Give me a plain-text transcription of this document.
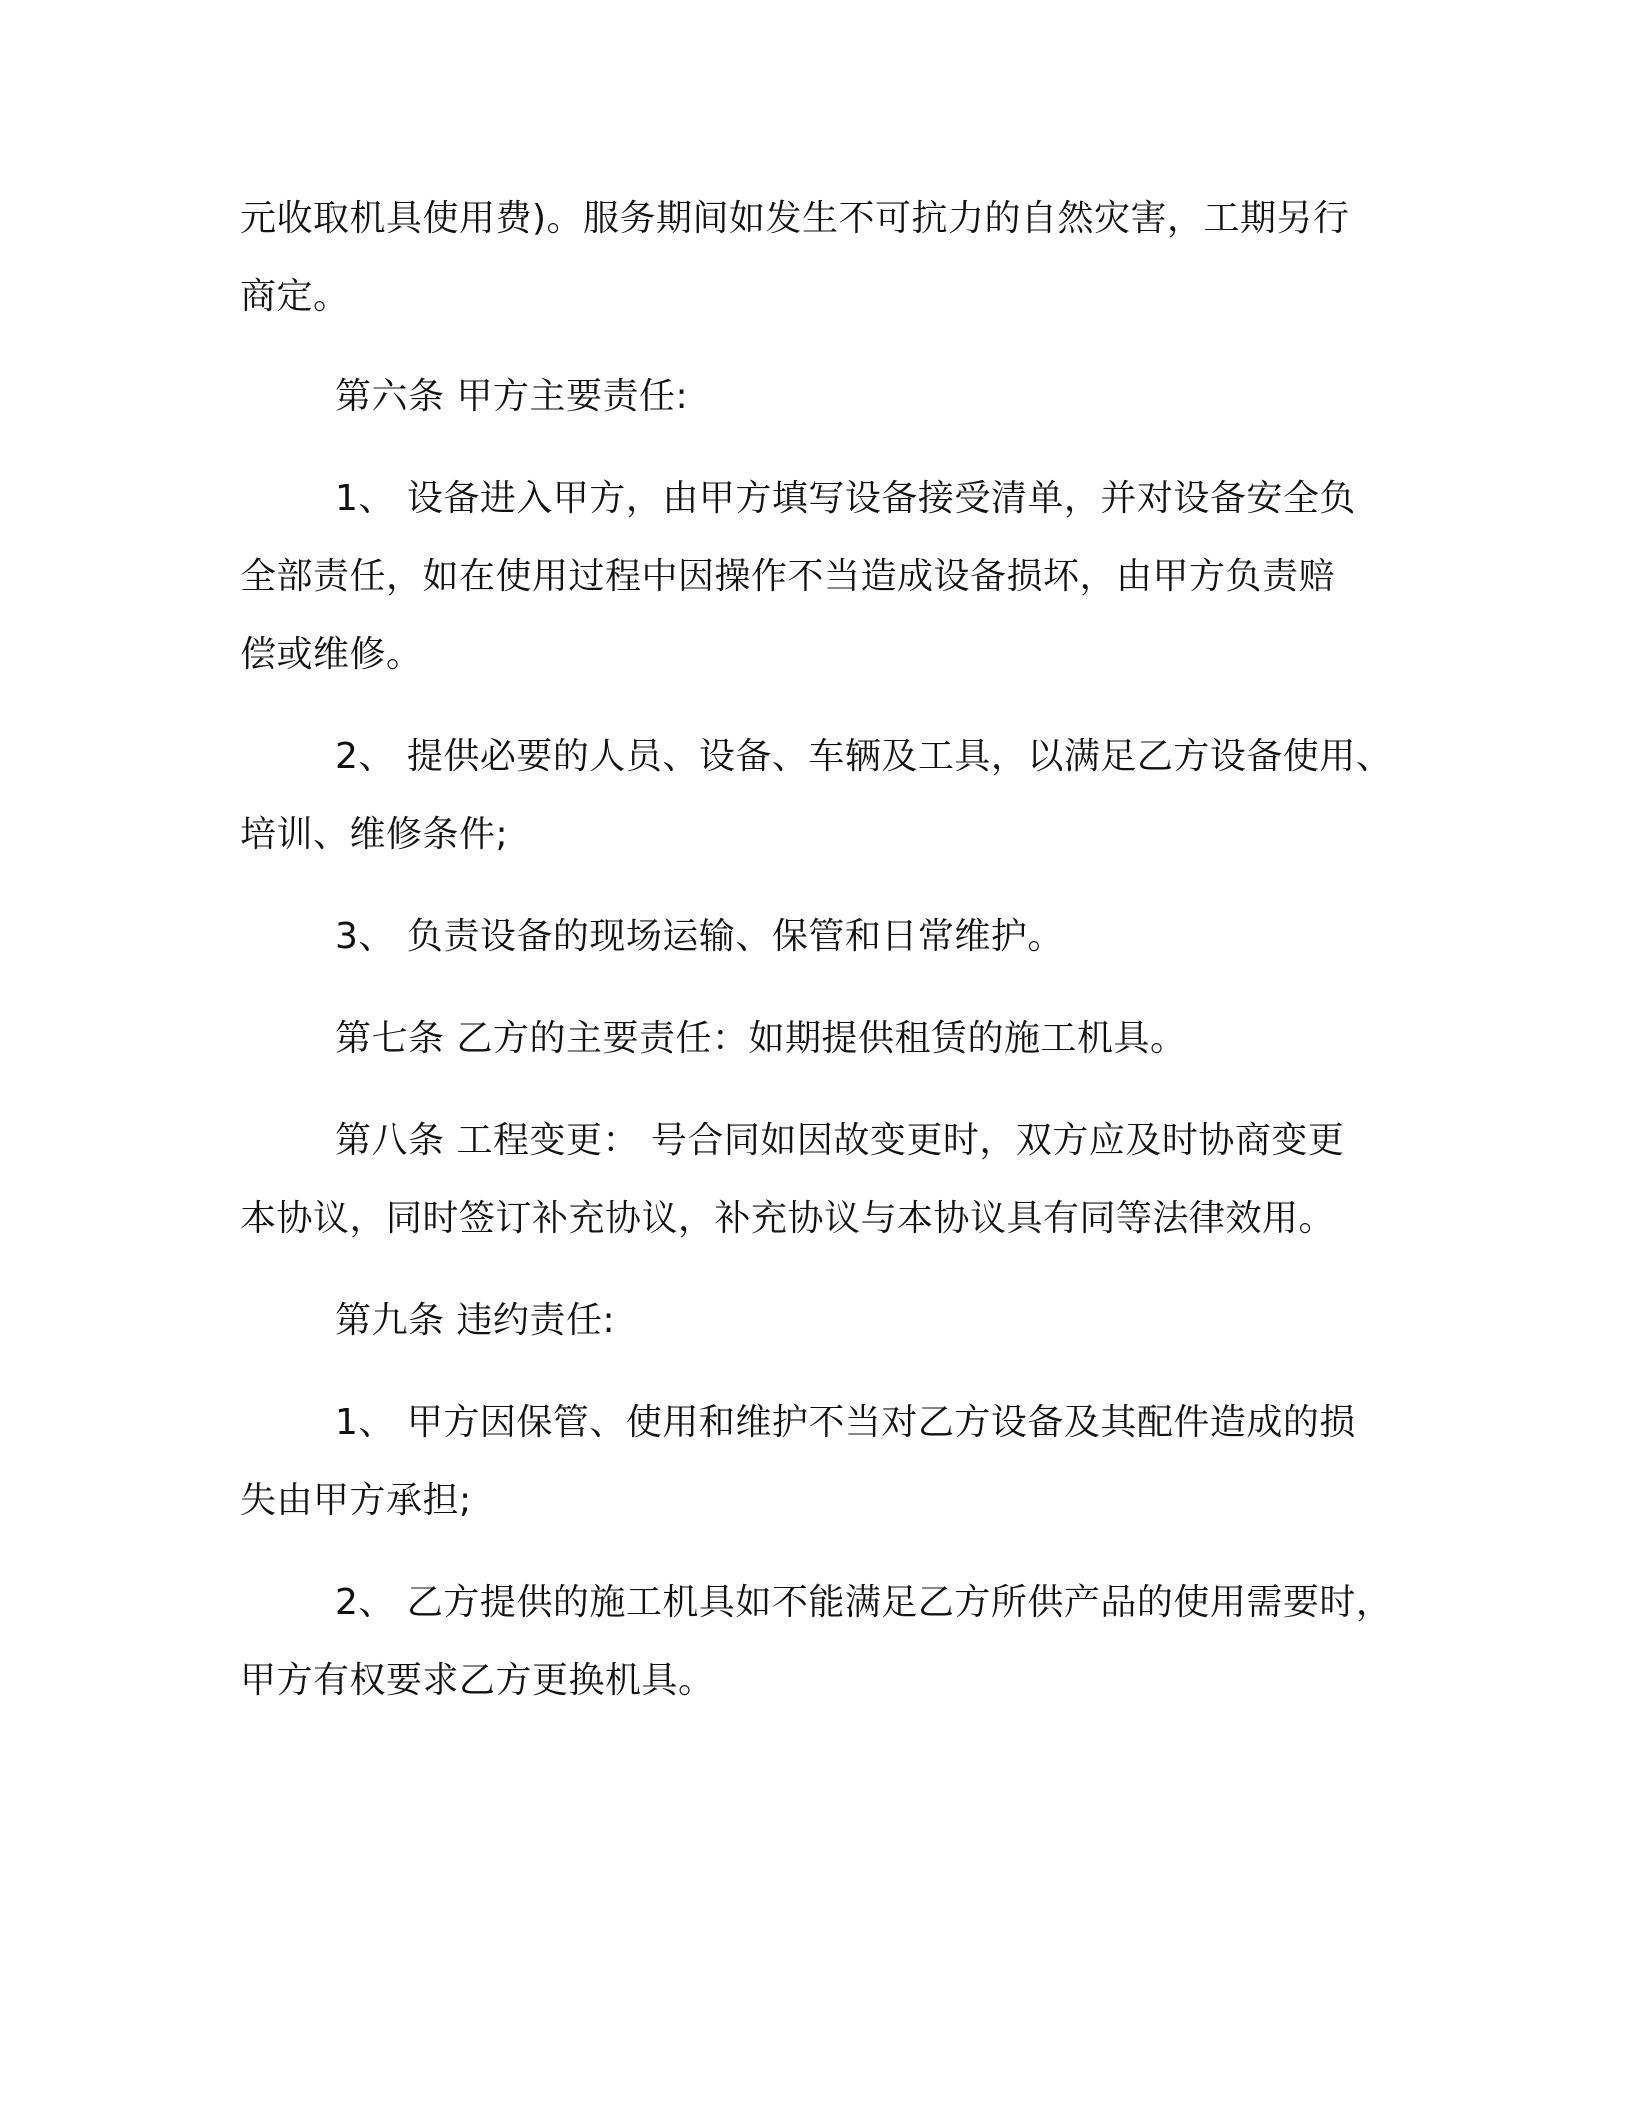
元收取机具使用费)。服务期间如发生不可抗力的自然灾害，工期另行
商定。
第六条 甲方主要责任:
1、 设备进入甲方，由甲方填写设备接受清单，并对设备安全负
全部责任，如在使用过程中因操作不当造成设备损坏，由甲方负责赔
偿或维修。
2、 提供必要的人员、设备、车辆及工具，以满足乙方设备使用、
培训、维修条件;
3、 负责设备的现场运输、保管和日常维护。
第七条 乙方的主要责任：如期提供租赁的施工机具。
第八条 工程变更： 号合同如因故变更时，双方应及时协商变更
本协议，同时签订补充协议，补充协议与本协议具有同等法律效用。
第九条 违约责任:
1、 甲方因保管、使用和维护不当对乙方设备及其配件造成的损
失由甲方承担;
2、 乙方提供的施工机具如不能满足乙方所供产品的使用需要时，
甲方有权要求乙方更换机具。
